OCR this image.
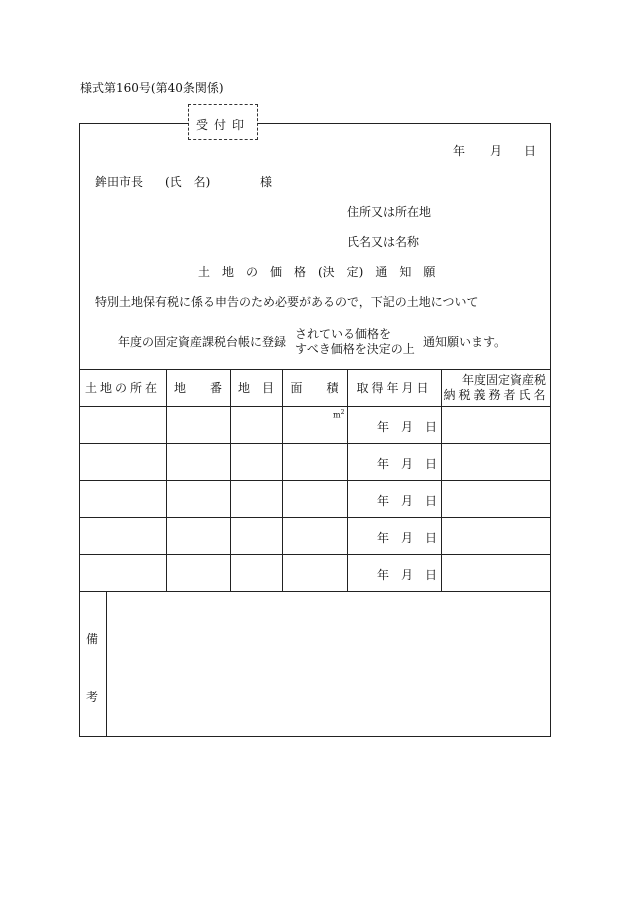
様式第160号(第40条関係)
受付印
年 月 日
鉾田市長 (氏　名)	様
住所又は所在地
氏名又は名称
土　地　の　価　格　(決　定)　通　知　願
特別土地保有税に係る申告のため必要があるので，下記の土地について
年度の固定資産課税台帳に登録
されている価格を
すべき価格を決定の上 通知願います。
土地の所在 地　　番 地　目 面　　積 取得年月日
年度固定資産税
納税義務者氏名
$m^2$
年 月 日
年 月 日
年 月 日
年 月 日
年 月 日
備
考
